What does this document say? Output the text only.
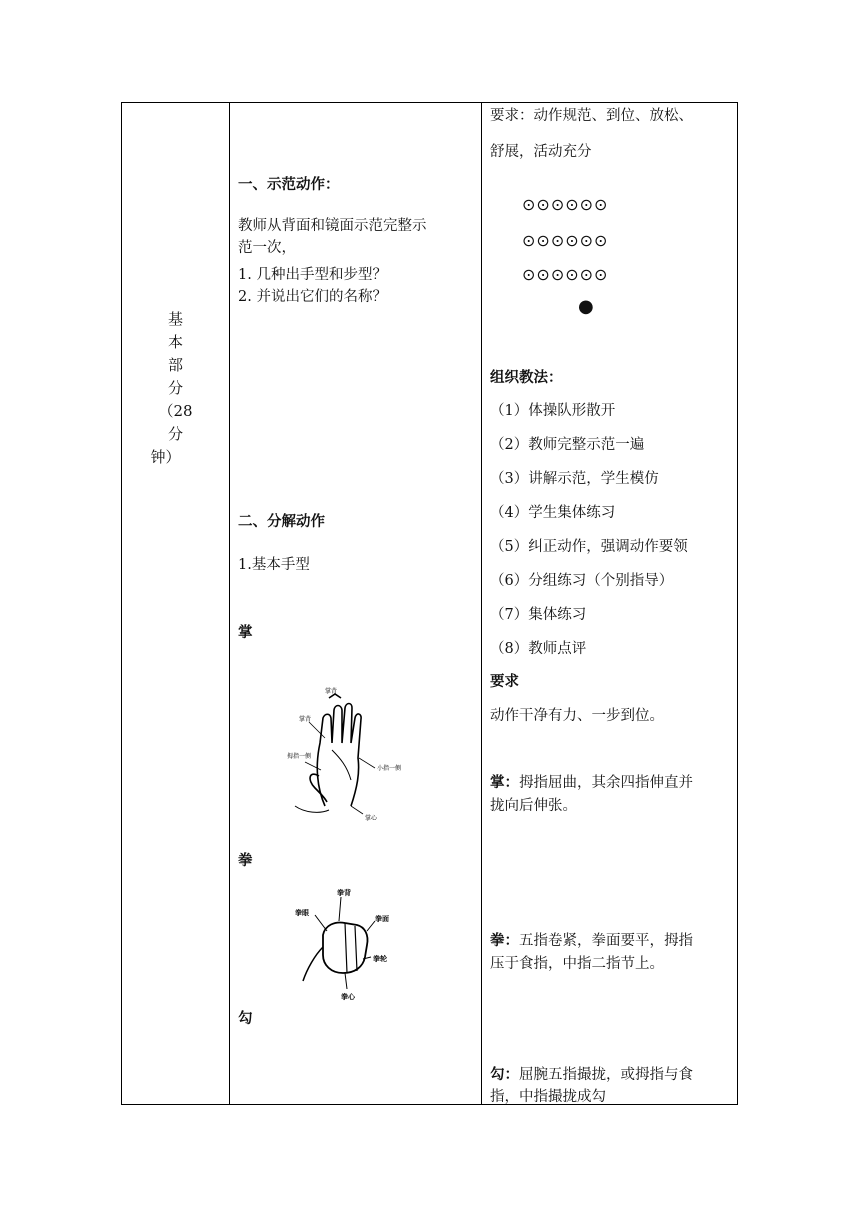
基
本
部
分
（28
分
钟）
一、示范动作：
教师从背面和镜面示范完整示
范一次，
1. 几种出手型和步型？
2. 并说出它们的名称？
二、分解动作
1.基本手型
掌
掌背
掌背
拇指一侧
小指一侧
掌心
拳
拳背
拳眼
拳面
拳轮
拳心
勾
要求：动作规范、到位、放松、
舒展，活动充分
⊙⊙⊙⊙⊙⊙
⊙⊙⊙⊙⊙⊙
⊙⊙⊙⊙⊙⊙
●
组织教法：
（1）体操队形散开
（2）教师完整示范一遍
（3）讲解示范，学生模仿
（4）学生集体练习
（5）纠正动作，强调动作要领
（6）分组练习（个别指导）
（7）集体练习
（8）教师点评
要求
动作干净有力、一步到位。
掌：拇指屈曲，其余四指伸直并
拢向后伸张。
拳：五指卷紧，拳面要平，拇指
压于食指，中指二指节上。
勾：屈腕五指撮拢，或拇指与食
指，中指撮拢成勾
